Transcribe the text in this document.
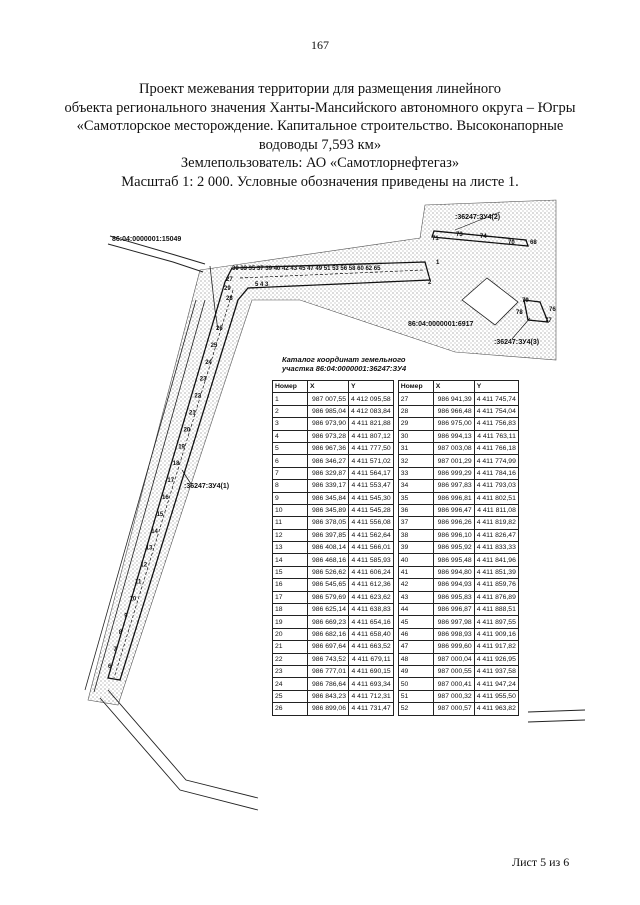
167
Проект межевания территории для размещения линейного
объекта регионального значения Ханты-Мансийского автономного округа – Югры
«Самотлорское месторождение. Капитальное строительство. Высоконапорные
водоводы 7,593 км»
Землепользователь: АО «Самотлорнефтегаз»
Масштаб 1: 2 000. Условные обозначения приведены на листе 1.
86:04:0000001:15049
:36247:ЗУ4(2)
86:04:0000001:6917
:36247:ЗУ4(3)
:36247:ЗУ4(1)
30 33 35 37 39 40 42 43 45 47 49 51 53 56 58 60 62 65
5 4 3
1
2
29
27
28
71
73	74
70	68
79
78	76
77
26
25
24
23
22
21
20
19
18
17
16
15
14
13
12
11
10
9
8
7
6
Каталог координат земельного
участка 86:04:0000001:36247:ЗУ4
Номер	X	Y		Номер	X	Y
1	987 007,55	4 412 095,58		27	986 941,39	4 411 745,74
2	986 985,04	4 412 083,84		28	986 966,48	4 411 754,04
3	986 973,90	4 411 821,88		29	986 975,00	4 411 756,83
4	986 973,28	4 411 807,12		30	986 994,13	4 411 763,11
5	986 967,36	4 411 777,50		31	987 003,08	4 411 766,18
6	986 346,27	4 411 571,02		32	987 001,29	4 411 774,99
7	986 329,87	4 411 564,17		33	986 999,29	4 411 784,16
8	986 339,17	4 411 553,47		34	986 997,83	4 411 793,03
9	986 345,84	4 411 545,30		35	986 996,81	4 411 802,51
10	986 345,89	4 411 545,28		36	986 996,47	4 411 811,08
11	986 378,05	4 411 556,08		37	986 996,26	4 411 819,82
12	986 397,85	4 411 562,64		38	986 996,10	4 411 826,47
13	986 408,14	4 411 566,01		39	986 995,92	4 411 833,33
14	986 468,16	4 411 585,93		40	986 995,48	4 411 841,96
15	986 526,62	4 411 606,24		41	986 994,80	4 411 851,39
16	986 545,65	4 411 612,36		42	986 994,93	4 411 859,76
17	986 579,69	4 411 623,62		43	986 995,83	4 411 876,89
18	986 625,14	4 411 638,83		44	986 996,87	4 411 888,51
19	986 669,23	4 411 654,16		45	986 997,98	4 411 897,55
20	986 682,16	4 411 658,40		46	986 998,93	4 411 909,16
21	986 697,64	4 411 663,52		47	986 999,60	4 411 917,82
22	986 743,52	4 411 679,11		48	987 000,04	4 411 926,95
23	986 777,01	4 411 690,15		49	987 000,55	4 411 937,58
24	986 786,64	4 411 693,34		50	987 000,41	4 411 947,24
25	986 843,23	4 411 712,31		51	987 000,32	4 411 955,50
26	986 899,06	4 411 731,47		52	987 000,57	4 411 963,82
Лист 5 из 6
